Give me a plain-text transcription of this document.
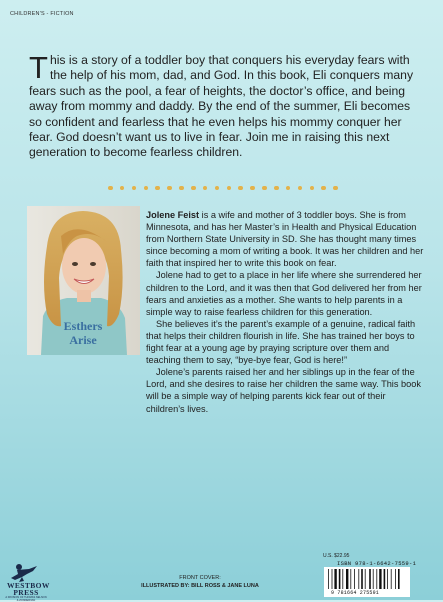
CHILDREN'S - FICTION

This is a story of a toddler boy that conquers his everyday fears with the help of his mom, dad, and God. In this book, Eli conquers many fears such as the pool, a fear of heights, the doctor’s office, and being away from mommy and daddy. By the end of the summer, Eli becomes so confident and fearless that he even helps his mommy conquer her fear. God doesn’t want us to live in fear. Join me in raising this next generation to become fearless children.

Esthers
Arise

Jolene Feist is a wife and mother of 3 toddler boys. She is from Minnesota, and has her Master’s in Health and Physical Education from Northern State University in SD. She has thought many times since becoming a mom of writing a book. It was her children and her faith that inspired her to write this book on fear.

Jolene had to get to a place in her life where she surrendered her children to the Lord, and it was then that God delivered her from her fears and anxieties as a mother. She wants to help parents in a simple way to raise fearless children for this generation.

She believes it’s the parent’s example of a genuine, radical faith that helps their children flourish in life. She has trained her boys to fight fear at a young age by praying scripture over them and teaching them to say, “bye-bye fear, God is here!”

Jolene’s parents raised her and her siblings up in the fear of the Lord, and she desires to raise her children the same way. This book will be a simple way of helping parents kick fear out of their children’s lives.

WESTBOW PRESS
A DIVISION OF THOMAS NELSON & ZONDERVAN
FRONT COVER:
ILLUSTRATED BY: BILL ROSS & JANE LUNA
U.S. $22.95
ISBN 978-1-6642-7559-1
9 781664 275591
